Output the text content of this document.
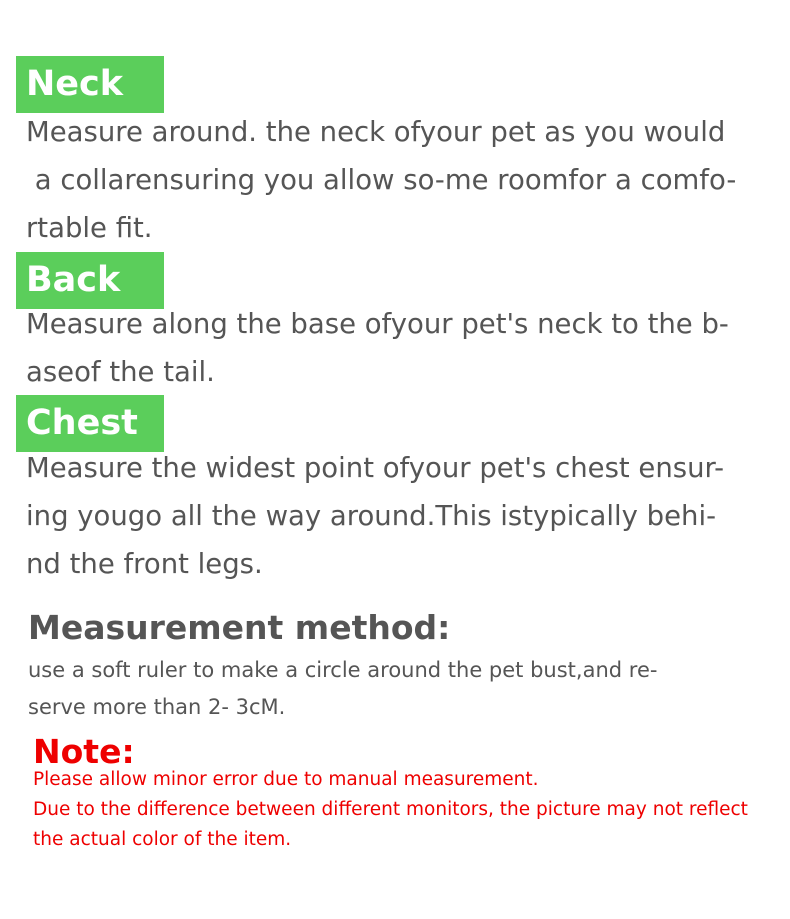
Neck

Measure around. the neck ofyour pet as you would
a collarensuring you allow so-me roomfor a comfo-
rtable fit.

Back

Measure along the base ofyour pet's neck to the b-
aseof the tail.

Chest

Measure the widest point ofyour pet's chest ensur-
ing yougo all the way around.This istypically behi-
nd the front legs.

Measurement method:

use a soft ruler to make a circle around the pet bust,and re-
serve more than 2- 3cM.

Note:

Please allow minor error due to manual measurement.
Due to the difference between different monitors, the picture may not reflect
the actual color of the item.
